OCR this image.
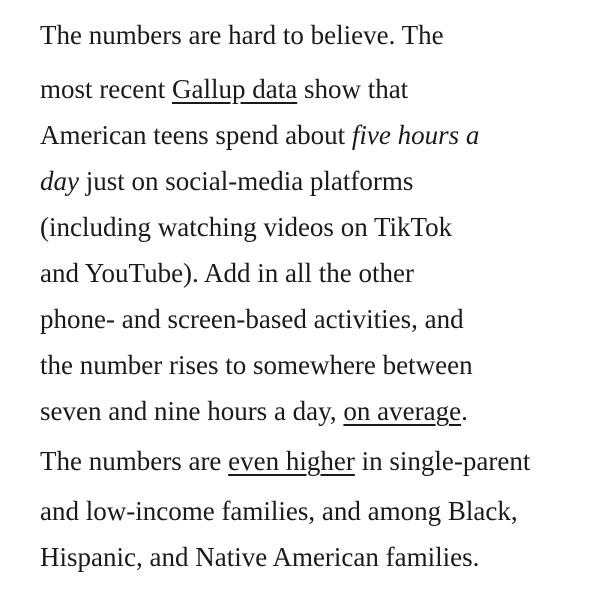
The numbers are hard to believe. The
most recent Gallup data show that
American teens spend about five hours a
day just on social-media platforms
(including watching videos on TikTok
and YouTube). Add in all the other
phone- and screen-based activities, and
the number rises to somewhere between
seven and nine hours a day, on average.
The numbers are even higher in single-parent
and low-income families, and among Black,
Hispanic, and Native American families.
